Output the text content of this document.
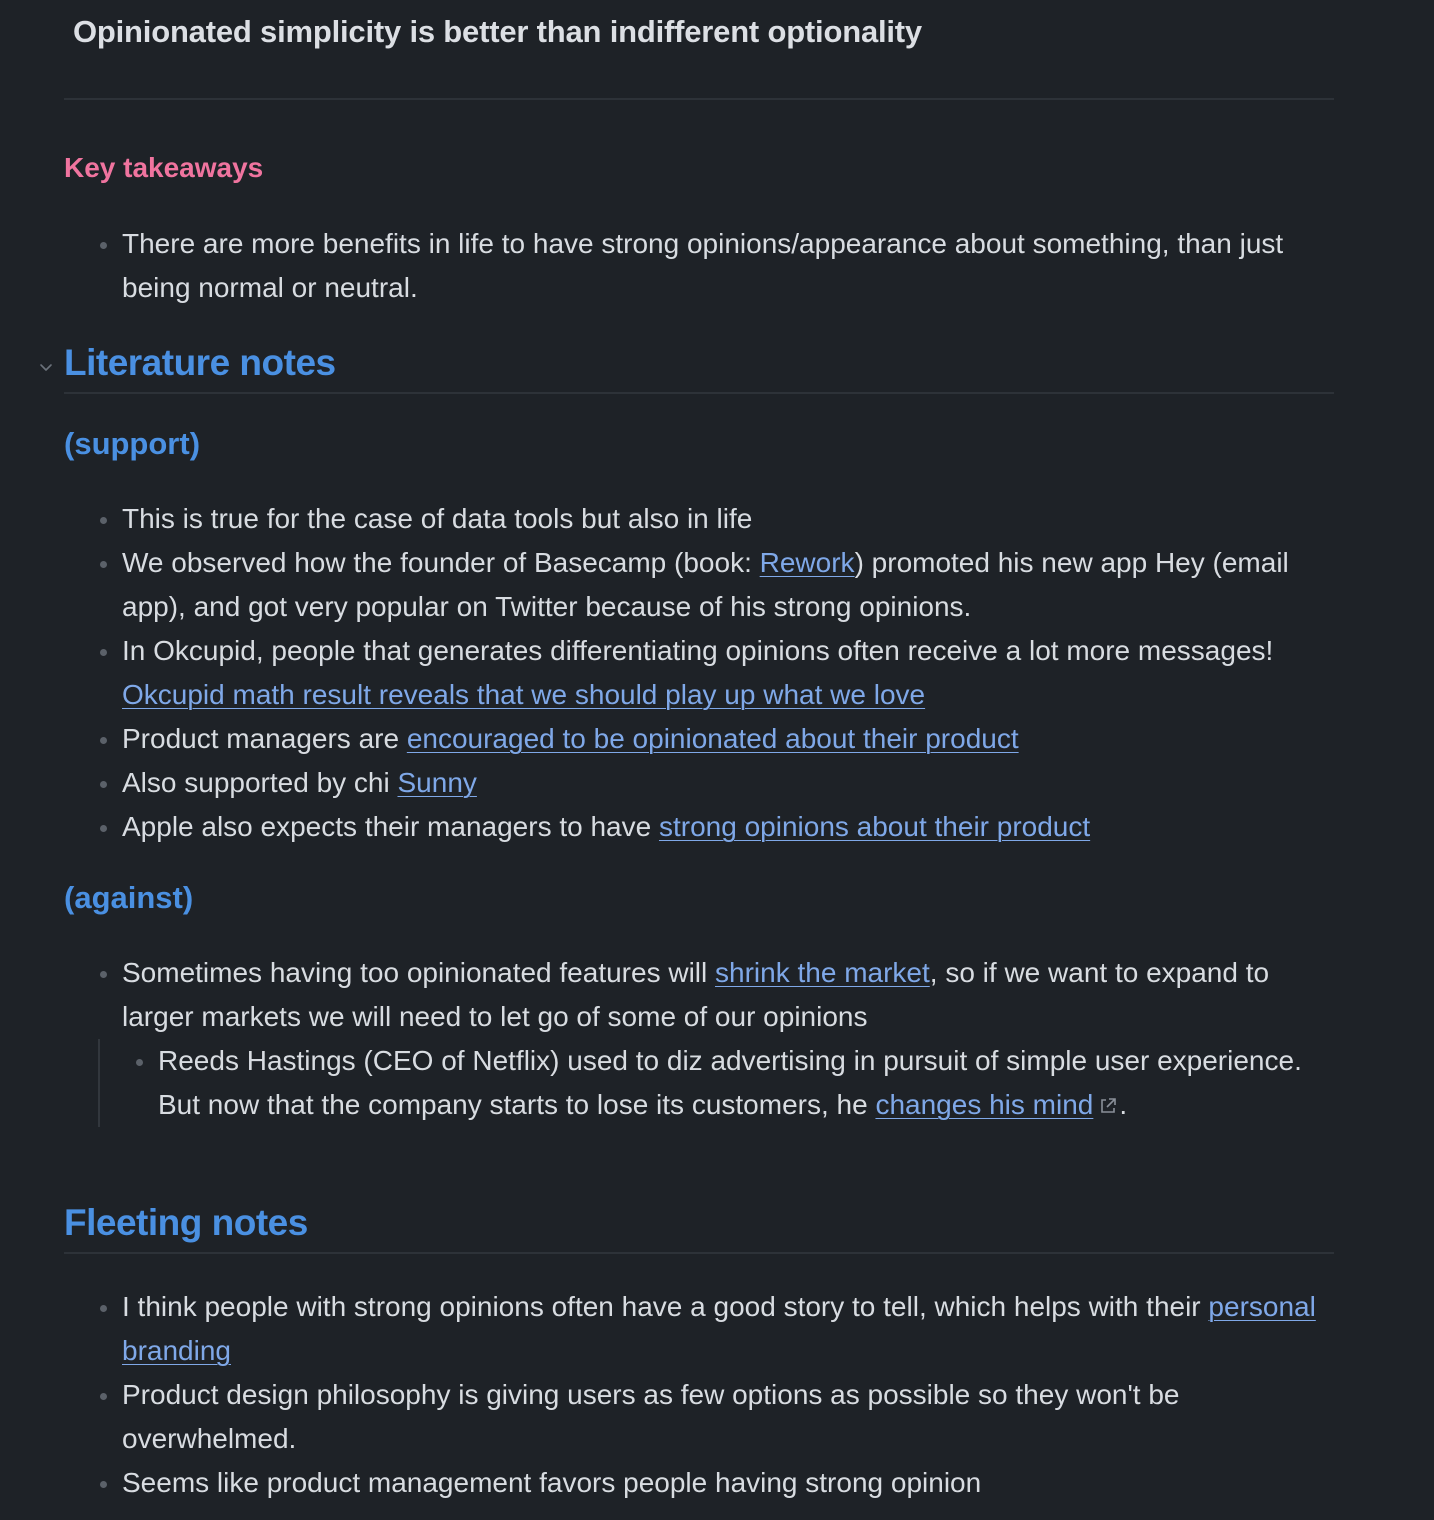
Opinionated simplicity is better than indifferent optionality
Key takeaways
There are more benefits in life to have strong opinions/appearance about something, than just being normal or neutral.
Literature notes
(support)
This is true for the case of data tools but also in life
We observed how the founder of Basecamp (book: Rework) promoted his new app Hey (email app), and got very popular on Twitter because of his strong opinions.
In Okcupid, people that generates differentiating opinions often receive a lot more messages! Okcupid math result reveals that we should play up what we love
Product managers are encouraged to be opinionated about their product
Also supported by chi Sunny
Apple also expects their managers to have strong opinions about their product
(against)
Sometimes having too opinionated features will shrink the market, so if we want to expand to larger markets we will need to let go of some of our opinions
Reeds Hastings (CEO of Netflix) used to diz advertising in pursuit of simple user experience. But now that the company starts to lose its customers, he changes his mind .
Fleeting notes
I think people with strong opinions often have a good story to tell, which helps with their personal branding
Product design philosophy is giving users as few options as possible so they won't be overwhelmed.
Seems like product management favors people having strong opinion
